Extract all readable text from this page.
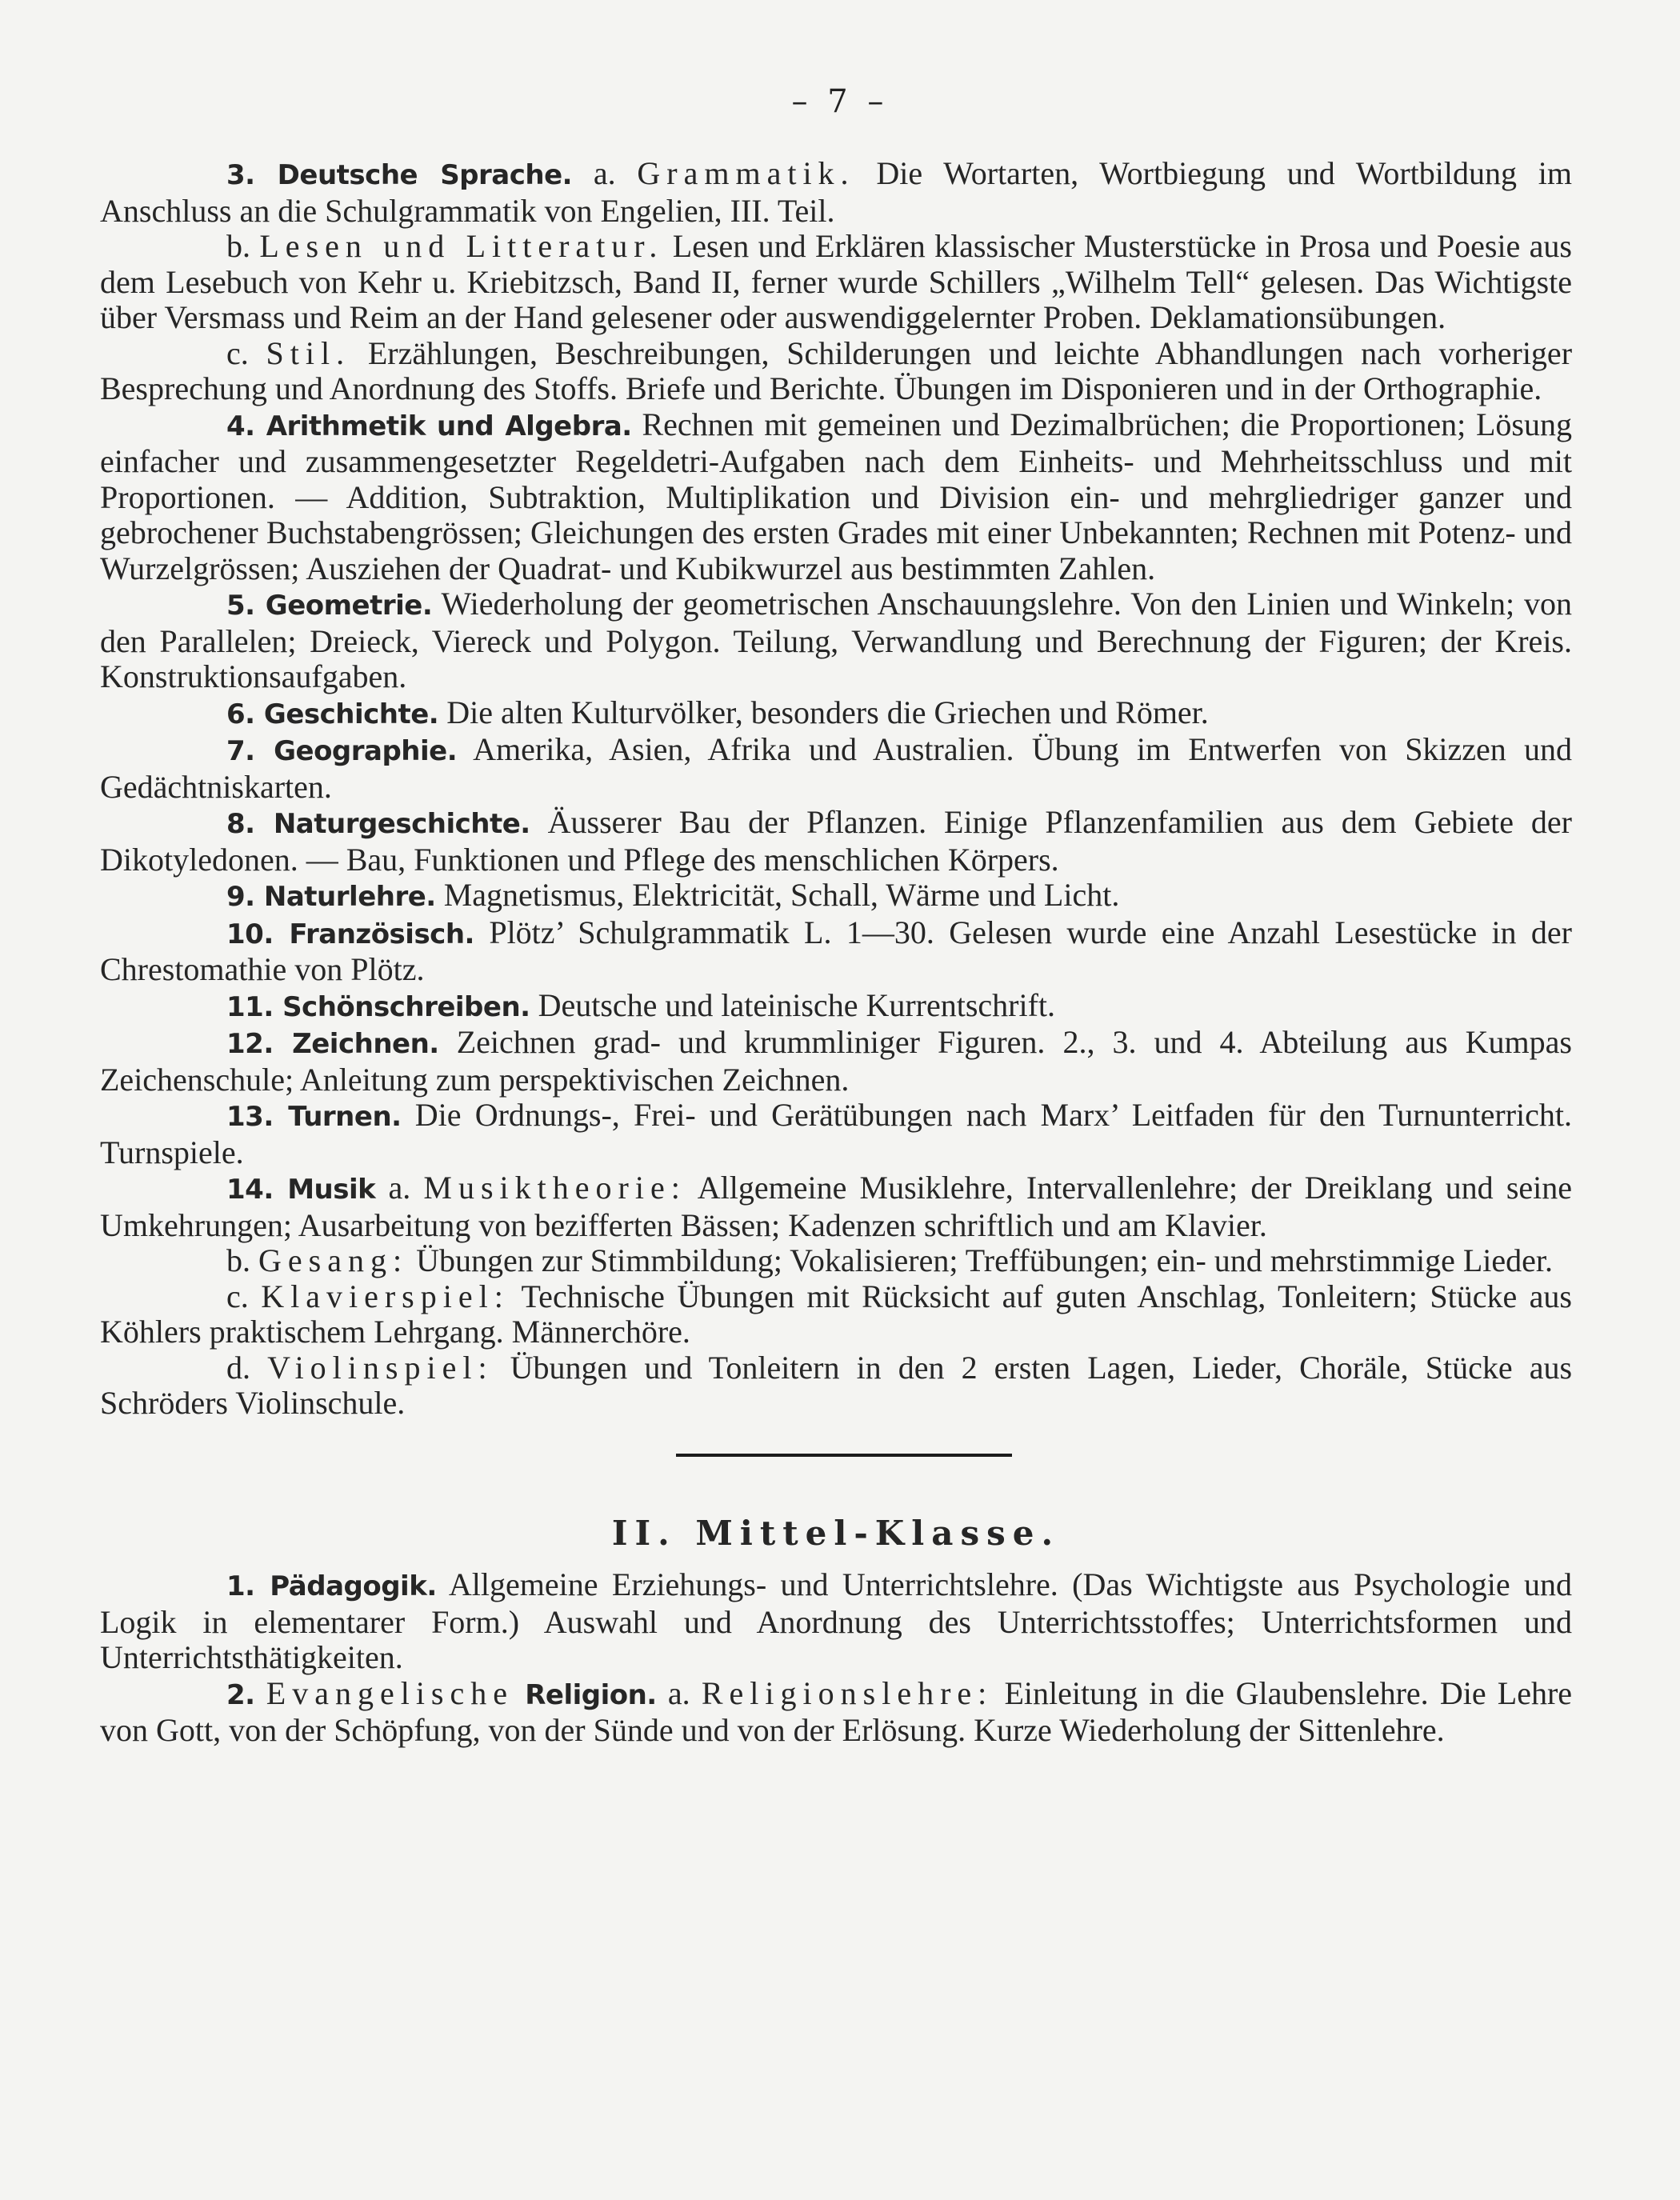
– 7 –

3. Deutsche Sprache. a. Grammatik. Die Wortarten, Wortbiegung und Wortbildung im Anschluss an die Schulgrammatik von Engelien, III. Teil.

b. Lesen und Litteratur. Lesen und Erklären klassischer Musterstücke in Prosa und Poesie aus dem Lesebuch von Kehr u. Kriebitzsch, Band II, ferner wurde Schillers „Wilhelm Tell“ gelesen. Das Wichtigste über Versmass und Reim an der Hand gelesener oder auswendiggelernter Proben. Deklamationsübungen.

c. Stil. Erzählungen, Beschreibungen, Schilderungen und leichte Abhandlungen nach vorheriger Besprechung und Anordnung des Stoffs. Briefe und Berichte. Übungen im Disponieren und in der Orthographie.

4. Arithmetik und Algebra. Rechnen mit gemeinen und Dezimalbrüchen; die Proportionen; Lösung einfacher und zusammengesetzter Regeldetri-Aufgaben nach dem Einheits- und Mehrheitsschluss und mit Proportionen. — Addition, Subtraktion, Multiplikation und Division ein- und mehrgliedriger ganzer und gebrochener Buchstabengrössen; Gleichungen des ersten Grades mit einer Unbekannten; Rechnen mit Potenz- und Wurzelgrössen; Ausziehen der Quadrat- und Kubikwurzel aus bestimmten Zahlen.

5. Geometrie. Wiederholung der geometrischen Anschauungslehre. Von den Linien und Winkeln; von den Parallelen; Dreieck, Viereck und Polygon. Teilung, Verwandlung und Berechnung der Figuren; der Kreis. Konstruktionsaufgaben.

6. Geschichte. Die alten Kulturvölker, besonders die Griechen und Römer.

7. Geographie. Amerika, Asien, Afrika und Australien. Übung im Entwerfen von Skizzen und Gedächtniskarten.

8. Naturgeschichte. Äusserer Bau der Pflanzen. Einige Pflanzenfamilien aus dem Gebiete der Dikotyledonen. — Bau, Funktionen und Pflege des menschlichen Körpers.

9. Naturlehre. Magnetismus, Elektricität, Schall, Wärme und Licht.

10. Französisch. Plötz’ Schulgrammatik L. 1—30. Gelesen wurde eine Anzahl Lesestücke in der Chrestomathie von Plötz.

11. Schönschreiben. Deutsche und lateinische Kurrentschrift.

12. Zeichnen. Zeichnen grad- und krummliniger Figuren. 2., 3. und 4. Abteilung aus Kumpas Zeichenschule; Anleitung zum perspektivischen Zeichnen.

13. Turnen. Die Ordnungs-, Frei- und Gerätübungen nach Marx’ Leitfaden für den Turnunterricht. Turnspiele.

14. Musik a. Musiktheorie: Allgemeine Musiklehre, Intervallenlehre; der Dreiklang und seine Umkehrungen; Ausarbeitung von bezifferten Bässen; Kadenzen schriftlich und am Klavier.

b. Gesang: Übungen zur Stimmbildung; Vokalisieren; Treffübungen; ein- und mehrstimmige Lieder.

c. Klavierspiel: Technische Übungen mit Rücksicht auf guten Anschlag, Tonleitern; Stücke aus Köhlers praktischem Lehrgang. Männerchöre.

d. Violinspiel: Übungen und Tonleitern in den 2 ersten Lagen, Lieder, Choräle, Stücke aus Schröders Violinschule.

II. Mittel-Klasse.

1. Pädagogik. Allgemeine Erziehungs- und Unterrichtslehre. (Das Wichtigste aus Psychologie und Logik in elementarer Form.) Auswahl und Anordnung des Unterrichtsstoffes; Unterrichtsformen und Unterrichtsthätigkeiten.

2. Evangelische Religion. a. Religionslehre: Einleitung in die Glaubenslehre. Die Lehre von Gott, von der Schöpfung, von der Sünde und von der Erlösung. Kurze Wiederholung der Sittenlehre.
